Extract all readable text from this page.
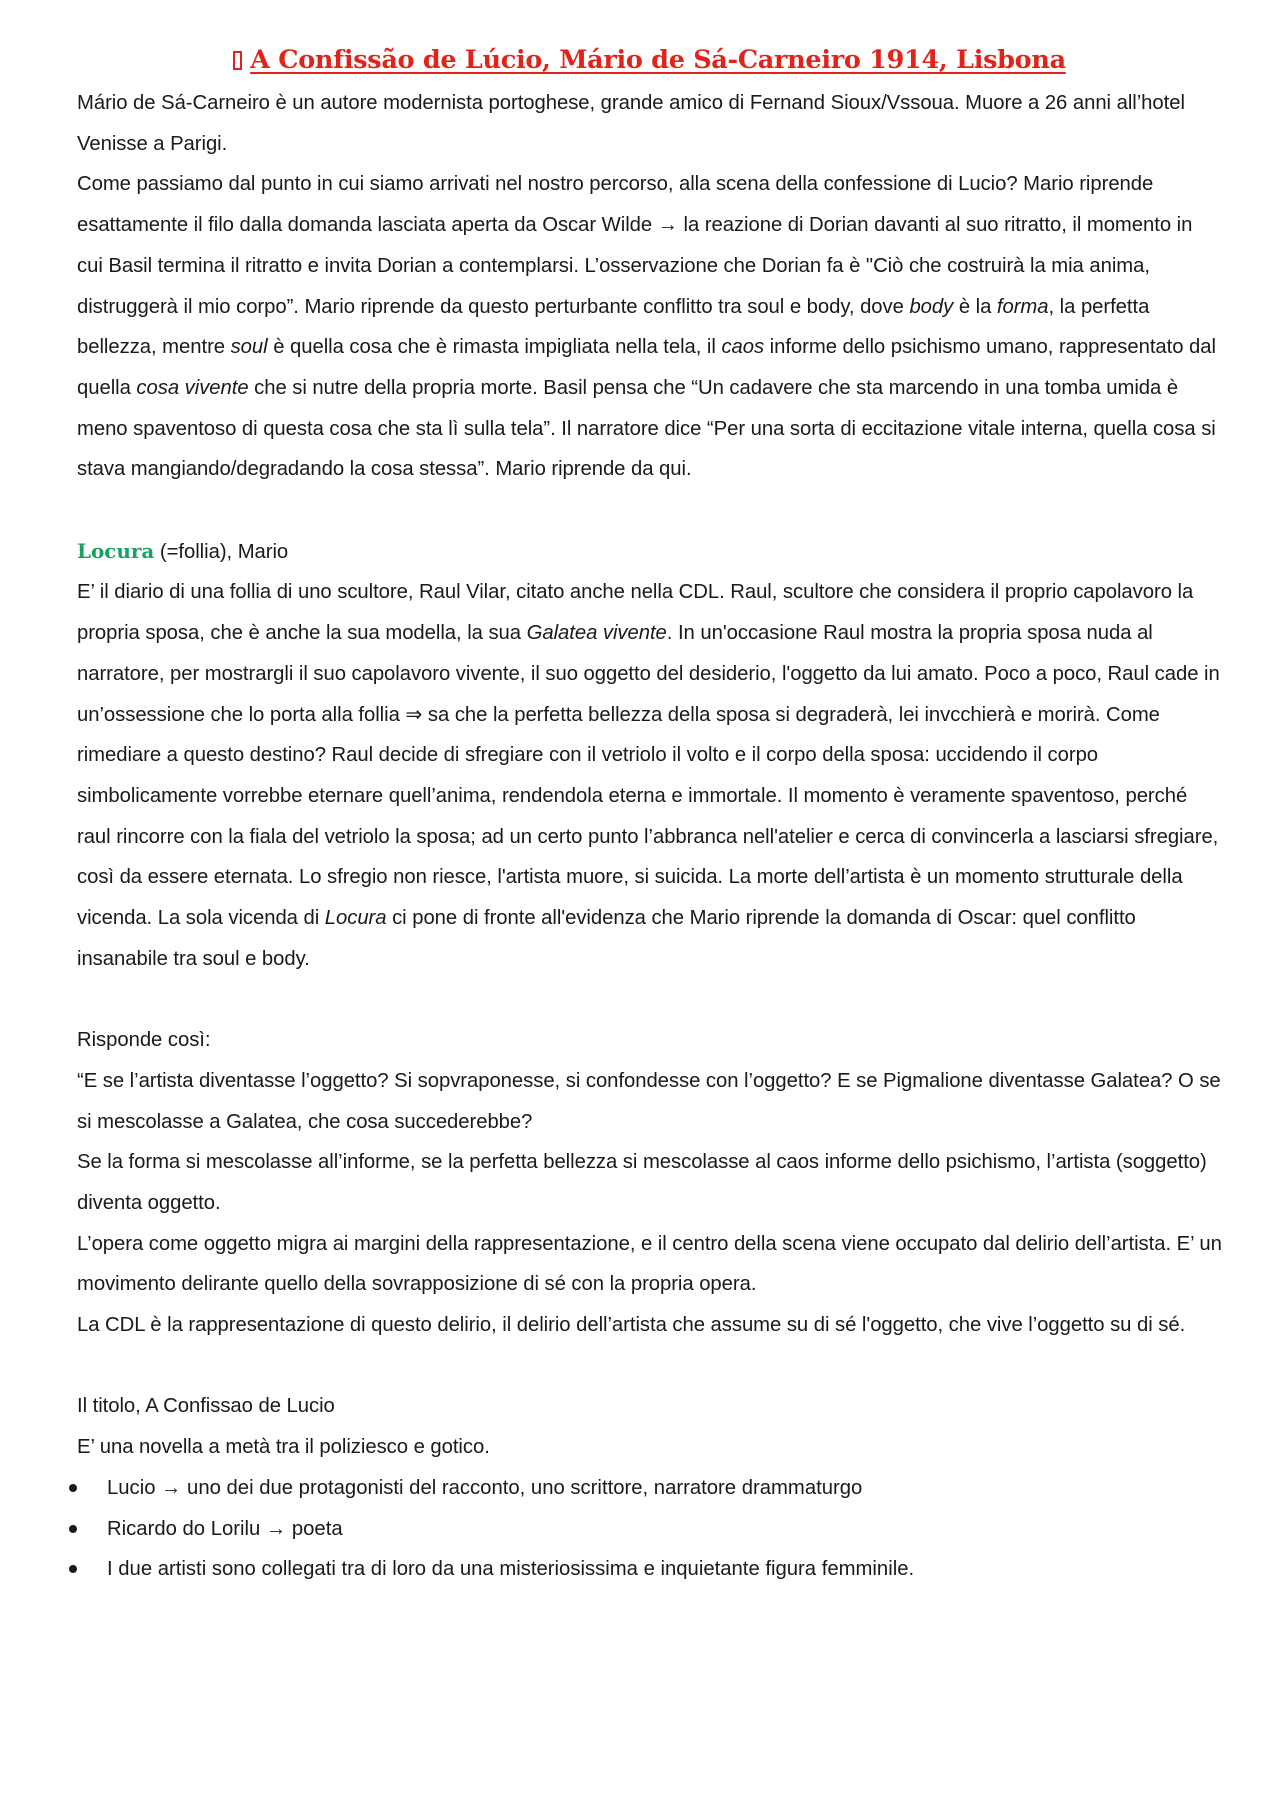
A Confissão de Lúcio, Mário de Sá-Carneiro 1914, Lisbona

Mário de Sá-Carneiro è un autore modernista portoghese, grande amico di Fernand Sioux/Vssoua. Muore a 26 anni all’hotel Venisse a Parigi.

Come passiamo dal punto in cui siamo arrivati nel nostro percorso, alla scena della confessione di Lucio? Mario riprende esattamente il filo dalla domanda lasciata aperta da Oscar Wilde → la reazione di Dorian davanti al suo ritratto, il momento in cui Basil termina il ritratto e invita Dorian a contemplarsi. L’osservazione che Dorian fa è "Ciò che costruirà la mia anima, distruggerà il mio corpo”. Mario riprende da questo perturbante conflitto tra soul e body, dove body è la forma, la perfetta bellezza, mentre soul è quella cosa che è rimasta impigliata nella tela, il caos informe dello psichismo umano, rappresentato dal quella cosa vivente che si nutre della propria morte. Basil pensa che “Un cadavere che sta marcendo in una tomba umida è meno spaventoso di questa cosa che sta lì sulla tela”. Il narratore dice “Per una sorta di eccitazione vitale interna, quella cosa si stava mangiando/degradando la cosa stessa”. Mario riprende da qui.

Locura (=follia), Mario

E’ il diario di una follia di uno scultore, Raul Vilar, citato anche nella CDL. Raul, scultore che considera il proprio capolavoro la propria sposa, che è anche la sua modella, la sua Galatea vivente. In un'occasione Raul mostra la propria sposa nuda al narratore, per mostrargli il suo capolavoro vivente, il suo oggetto del desiderio, l'oggetto da lui amato. Poco a poco, Raul cade in un’ossessione che lo porta alla follia ⇒ sa che la perfetta bellezza della sposa si degraderà, lei invcchierà e morirà. Come rimediare a questo destino? Raul decide di sfregiare con il vetriolo il volto e il corpo della sposa: uccidendo il corpo simbolicamente vorrebbe eternare quell’anima, rendendola eterna e immortale. Il momento è veramente spaventoso, perché raul rincorre con la fiala del vetriolo la sposa; ad un certo punto l’abbranca nell'atelier e cerca di convincerla a lasciarsi sfregiare, così da essere eternata. Lo sfregio non riesce, l'artista muore, si suicida. La morte dell’artista è un momento strutturale della vicenda. La sola vicenda di Locura ci pone di fronte all'evidenza che Mario riprende la domanda di Oscar: quel conflitto insanabile tra soul e body.

Risponde così:

“E se l’artista diventasse l’oggetto? Si sopvraponesse, si confondesse con l’oggetto? E se Pigmalione diventasse Galatea? O se si mescolasse a Galatea, che cosa succederebbe?

Se la forma si mescolasse all’informe, se la perfetta bellezza si mescolasse al caos informe dello psichismo, l’artista (soggetto) diventa oggetto.

L’opera come oggetto migra ai margini della rappresentazione, e il centro della scena viene occupato dal delirio dell’artista. E’ un movimento delirante quello della sovrapposizione di sé con la propria opera.

La CDL è la rappresentazione di questo delirio, il delirio dell’artista che assume su di sé l'oggetto, che vive l’oggetto su di sé.

Il titolo, A Confissao de Lucio

E’ una novella a metà tra il poliziesco e gotico.

Lucio → uno dei due protagonisti del racconto, uno scrittore, narratore drammaturgo
Ricardo do Lorilu → poeta
I due artisti sono collegati tra di loro da una misteriosissima e inquietante figura femminile.
